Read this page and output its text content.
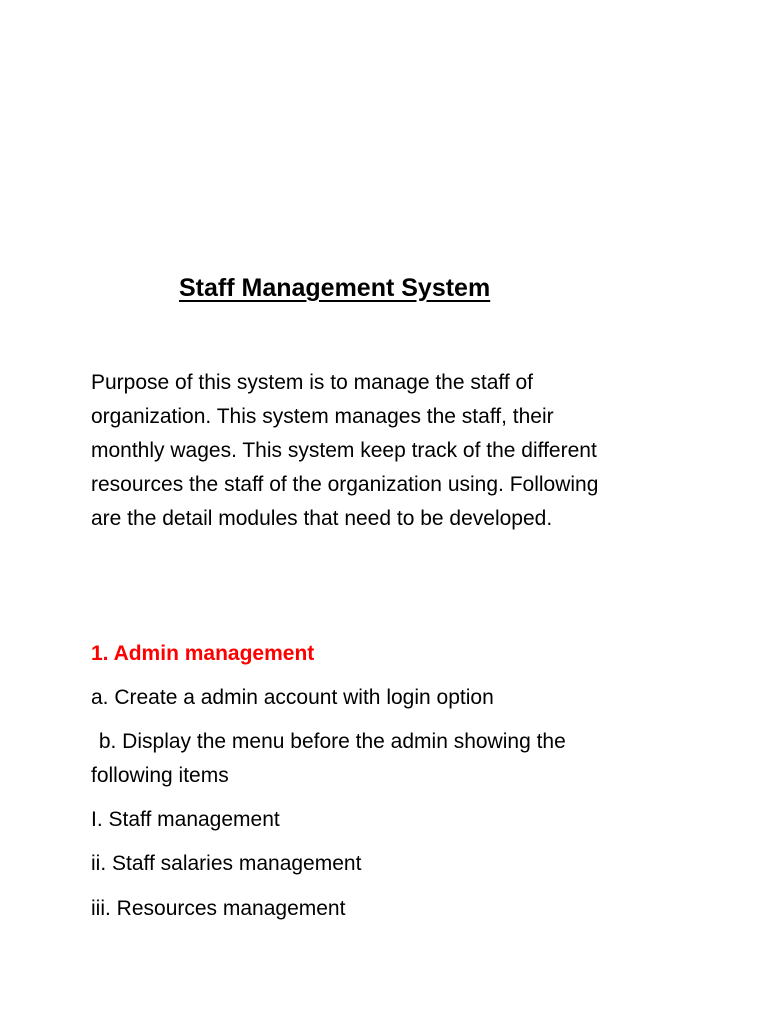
Staff Management System

Purpose of this system is to manage the staff of
organization. This system manages the staff, their
monthly wages. This system keep track of the different
resources the staff of the organization using. Following
are the detail modules that need to be developed.

1. Admin management

a. Create a admin account with login option

b. Display the menu before the admin showing the

following items

I. Staff management

ii. Staff salaries management

iii. Resources management
